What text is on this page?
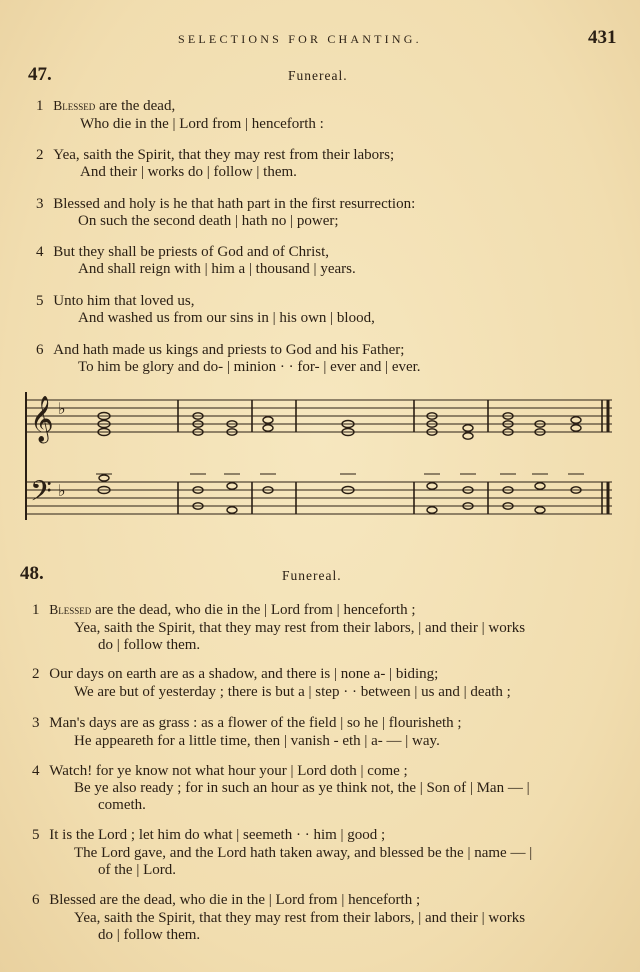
SELECTIONS FOR CHANTING.	431
47.	Funereal.
1 Blessed are the dead,
Who die in the | Lord from | henceforth :
2 Yea, saith the Spirit, that they may rest from their labors;
And their | works do | follow | them.
3 Blessed and holy is he that hath part in the first resurrection:
On such the second death | hath no | power;
4 But they shall be priests of God and of Christ,
And shall reign with | him a | thousand | years.
5 Unto him that loved us,
And washed us from our sins in | his own | blood,
6 And hath made us kings and priests to God and his Father;
To him be glory and do- | minion · · for- | ever and | ever.
𝄞 ♭
𝄢 ♭
48.	Funereal.
1 Blessed are the dead, who die in the | Lord from | henceforth ;
Yea, saith the Spirit, that they may rest from their labors, | and their | works
do | follow them.
2 Our days on earth are as a shadow, and there is | none a- | biding;
We are but of yesterday ; there is but a | step · · between | us and | death ;
3 Man's days are as grass : as a flower of the field | so he | flourisheth ;
He appeareth for a little time, then | vanish - eth | a- — | way.
4 Watch! for ye know not what hour your | Lord doth | come ;
Be ye also ready ; for in such an hour as ye think not, the | Son of | Man — |
cometh.
5 It is the Lord ; let him do what | seemeth · · him | good ;
The Lord gave, and the Lord hath taken away, and blessed be the | name — |
of the | Lord.
6 Blessed are the dead, who die in the | Lord from | henceforth ;
Yea, saith the Spirit, that they may rest from their labors, | and their | works
do | follow them.
